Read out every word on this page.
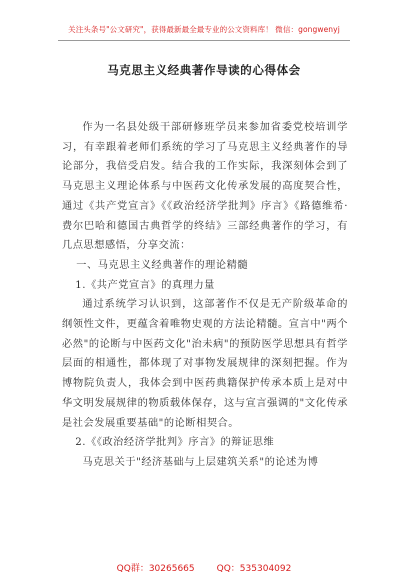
关注头条号"公文研究"，获得最新最全最专业的公文资料库！ 微信：gongwenyj
马克思主义经典著作导读的心得体会

作为一名县处级干部研修班学员来参加省委党校培训学习，有幸跟着老师们系统的学习了马克思主义经典著作的导论部分，我倍受启发。结合我的工作实际，我深刻体会到了马克思主义理论体系与中医药文化传承发展的高度契合性，通过《共产党宣言》《《政治经济学批判》序言》《路德维希·费尔巴哈和德国古典哲学的终结》三部经典著作的学习，有几点思想感悟，分享交流：

一、马克思主义经典著作的理论精髓

1.《共产党宣言》的真理力量

通过系统学习认识到，这部著作不仅是无产阶级革命的纲领性文件，更蕴含着唯物史观的方法论精髓。宣言中"两个必然"的论断与中医药文化"治未病"的预防医学思想具有哲学层面的相通性，都体现了对事物发展规律的深刻把握。作为博物院负责人，我体会到中医药典籍保护传承本质上是对中华文明发展规律的物质载体保存，这与宣言强调的"文化传承是社会发展重要基础"的论断相契合。

2.《《政治经济学批判》序言》的辩证思维

马克思关于"经济基础与上层建筑关系"的论述为博

QQ群：30265665 QQ：535304092
